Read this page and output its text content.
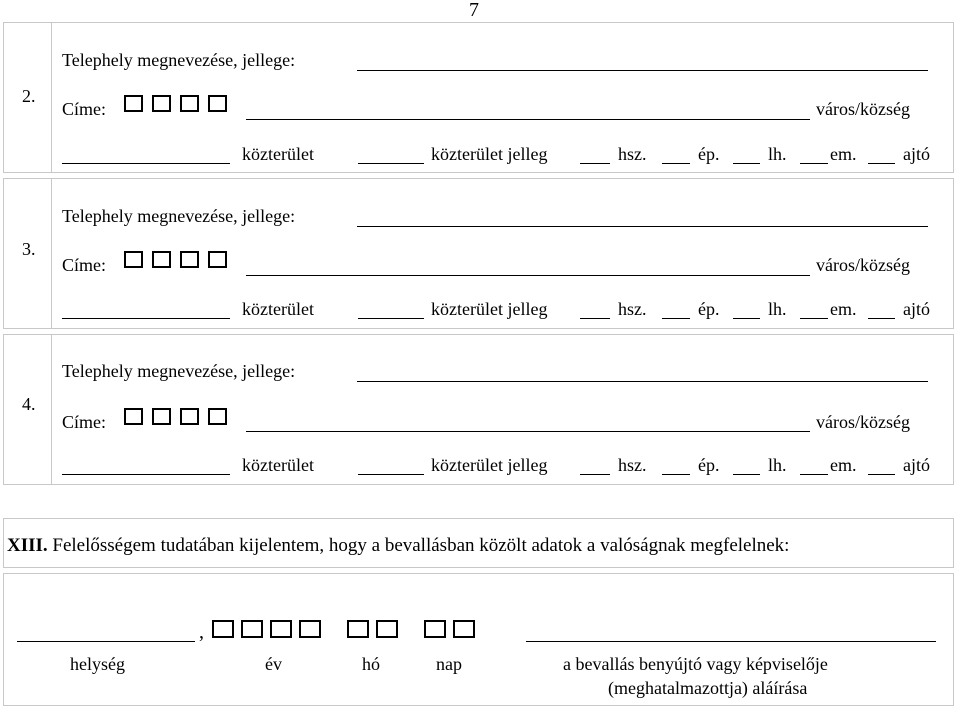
7
2.
Telephely megnevezése, jellege:
Címe:	város/község
közterület	közterület jelleg	hsz.	ép.	lh. em.	ajtó
3.
Telephely megnevezése, jellege:
Címe:	város/község
közterület	közterület jelleg	hsz.	ép.	lh. em.	ajtó
4.
Telephely megnevezése, jellege:
Címe:	város/község
közterület	közterület jelleg	hsz.	ép.	lh. em.	ajtó
XIII. Felelősségem tudatában kijelentem, hogy a bevallásban közölt adatok a valóságnak megfelelnek:
,
helység	év	hó	nap	a bevallás benyújtó vagy képviselője
(meghatalmazottja) aláírása
